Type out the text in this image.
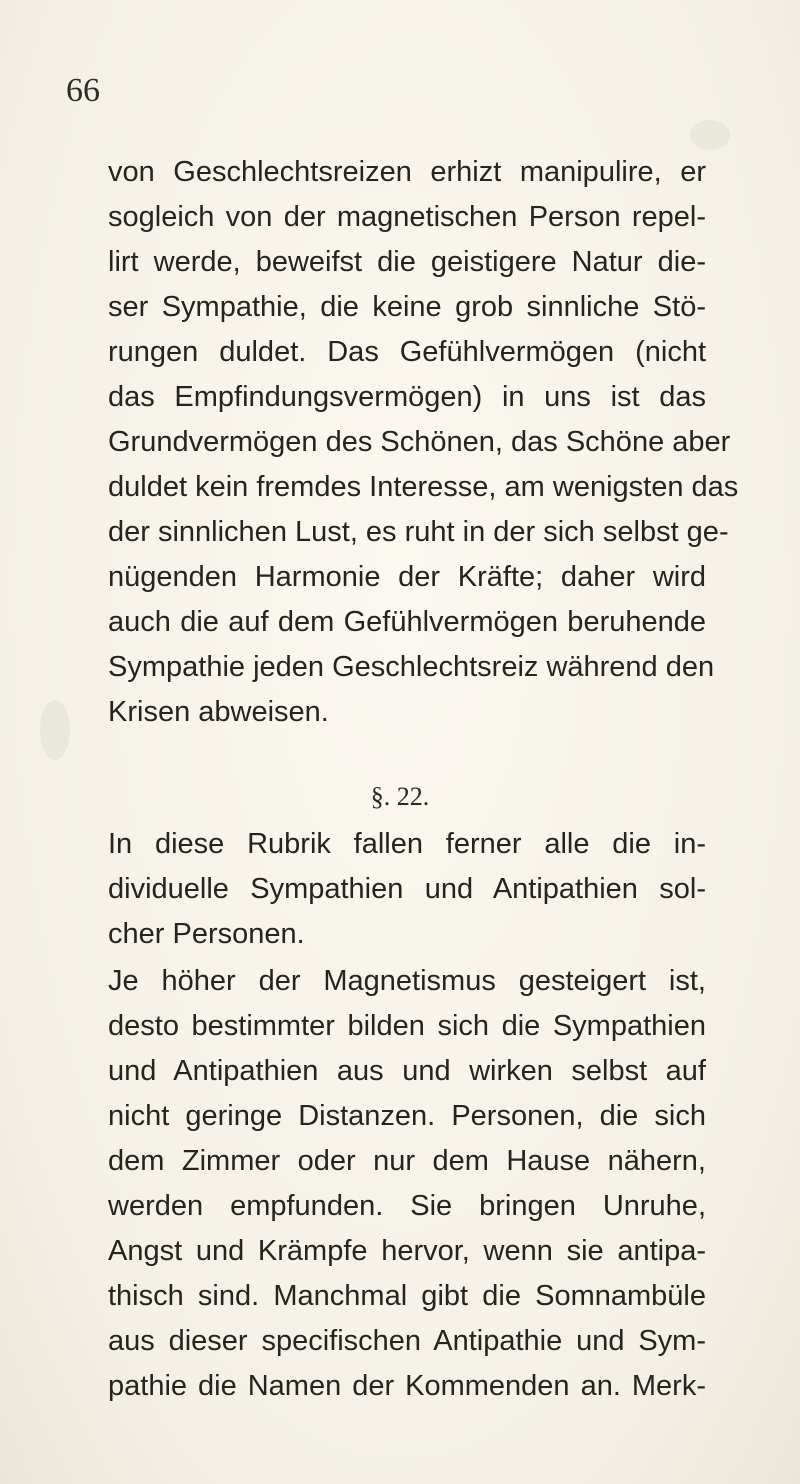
66
von Geschlechtsreizen erhizt manipulire, er
sogleich von der magnetischen Person repel-
lirt werde, beweifst die geistigere Natur die-
ser Sympathie, die keine grob sinnliche Stö-
rungen duldet. Das Gefühlvermögen (nicht
das Empfindungsvermögen) in uns ist das
Grundvermögen des Schönen, das Schöne aber
duldet kein fremdes Interesse, am wenigsten das
der sinnlichen Lust, es ruht in der sich selbst ge-
nügenden Harmonie der Kräfte; daher wird
auch die auf dem Gefühlvermögen beruhende
Sympathie jeden Geschlechtsreiz während den
Krisen abweisen.
§. 22.
In diese Rubrik fallen ferner alle die in-
dividuelle Sympathien und Antipathien sol-
cher Personen.
Je höher der Magnetismus gesteigert ist,
desto bestimmter bilden sich die Sympathien
und Antipathien aus und wirken selbst auf
nicht geringe Distanzen. Personen, die sich
dem Zimmer oder nur dem Hause nähern,
werden empfunden. Sie bringen Unruhe,
Angst und Krämpfe hervor, wenn sie antipa-
thisch sind. Manchmal gibt die Somnambüle
aus dieser specifischen Antipathie und Sym-
pathie die Namen der Kommenden an. Merk-
